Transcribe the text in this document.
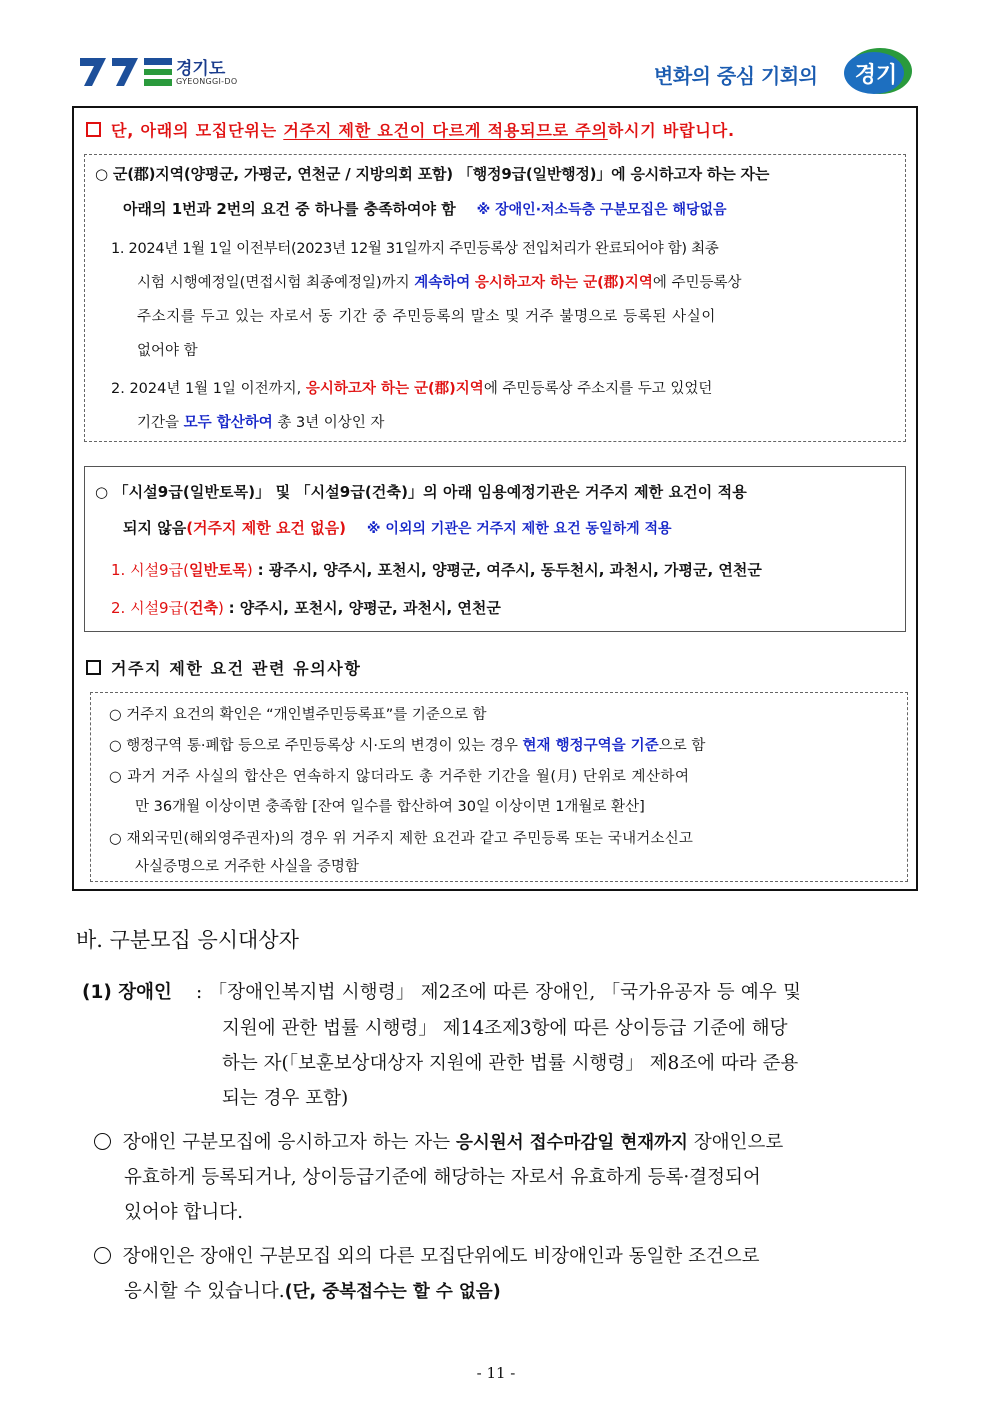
경기도
GYEONGGI-DO	변화의 중심 기회의	경기
단, 아래의 모집단위는 거주지 제한 요건이 다르게 적용되므로 주의하시기 바랍니다.
○ 군(郡)지역(양평군, 가평군, 연천군 / 지방의회 포함) 「행정9급(일반행정)」에 응시하고자 하는 자는
아래의 1번과 2번의 요건 중 하나를 충족하여야 함 ※ 장애인·저소득층 구분모집은 해당없음
1. 2024년 1월 1일 이전부터(2023년 12월 31일까지 주민등록상 전입처리가 완료되어야 함) 최종
시험 시행예정일(면접시험 최종예정일)까지 계속하여 응시하고자 하는 군(郡)지역에 주민등록상
주소지를 두고 있는 자로서 동 기간 중 주민등록의 말소 및 거주 불명으로 등록된 사실이
없어야 함
2. 2024년 1월 1일 이전까지, 응시하고자 하는 군(郡)지역에 주민등록상 주소지를 두고 있었던
기간을 모두 합산하여 총 3년 이상인 자
○ 「시설9급(일반토목)」 및 「시설9급(건축)」의 아래 임용예정기관은 거주지 제한 요건이 적용
되지 않음(거주지 제한 요건 없음) ※ 이외의 기관은 거주지 제한 요건 동일하게 적용
1. 시설9급(일반토목) : 광주시, 양주시, 포천시, 양평군, 여주시, 동두천시, 과천시, 가평군, 연천군
2. 시설9급(건축) : 양주시, 포천시, 양평군, 과천시, 연천군
거주지 제한 요건 관련 유의사항
○ 거주지 요건의 확인은 “개인별주민등록표”를 기준으로 함
○ 행정구역 통·폐합 등으로 주민등록상 시·도의 변경이 있는 경우 현재 행정구역을 기준으로 함
○ 과거 거주 사실의 합산은 연속하지 않더라도 총 거주한 기간을 월(月) 단위로 계산하여
만 36개월 이상이면 충족함 [잔여 일수를 합산하여 30일 이상이면 1개월로 환산]
○ 재외국민(해외영주권자)의 경우 위 거주지 제한 요건과 같고 주민등록 또는 국내거소신고
사실증명으로 거주한 사실을 증명함
바. 구분모집 응시대상자
(1) 장애인 : 「장애인복지법 시행령」 제2조에 따른 장애인, 「국가유공자 등 예우 및
지원에 관한 법률 시행령」 제14조제3항에 따른 상이등급 기준에 해당
하는 자(「보훈보상대상자 지원에 관한 법률 시행령」 제8조에 따라 준용
되는 경우 포함)
장애인 구분모집에 응시하고자 하는 자는 응시원서 접수마감일 현재까지 장애인으로
유효하게 등록되거나, 상이등급기준에 해당하는 자로서 유효하게 등록·결정되어
있어야 합니다.
장애인은 장애인 구분모집 외의 다른 모집단위에도 비장애인과 동일한 조건으로
응시할 수 있습니다.(단, 중복접수는 할 수 없음)
- 11 -
